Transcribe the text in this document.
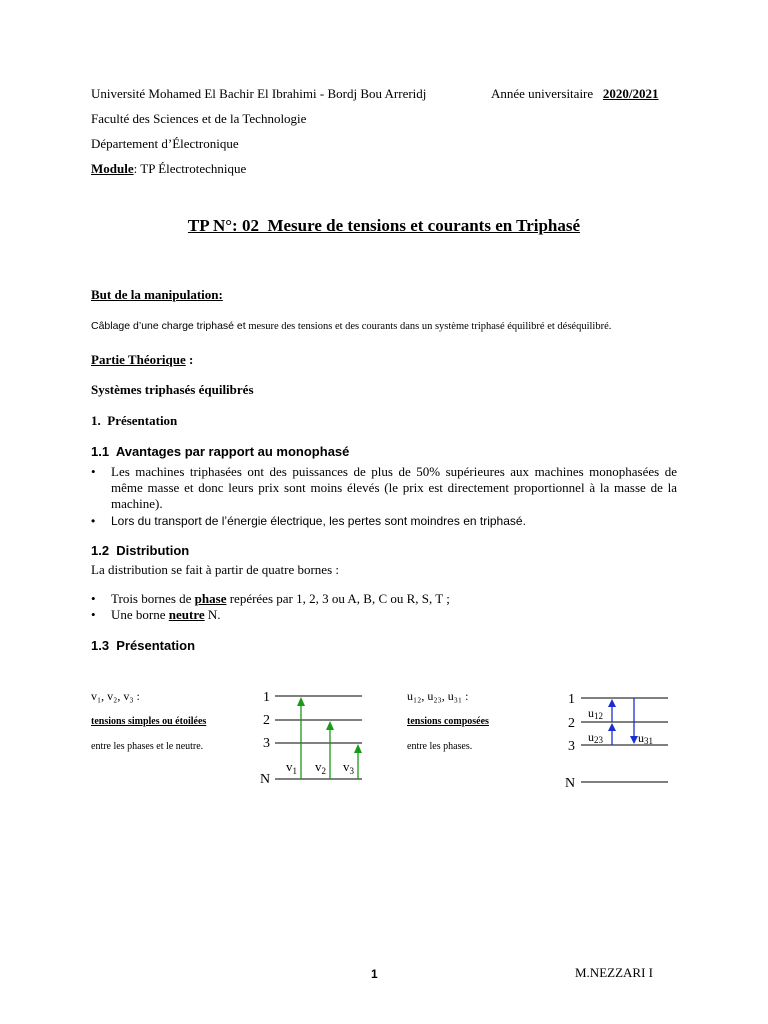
Université Mohamed El Bachir El Ibrahimi - Bordj Bou Arreridj	Année universitaire 2020/2021
Faculté des Sciences et de la Technologie
Département d’Électronique
Module: TP Électrotechnique
TP N°: 02  Mesure de tensions et courants en Triphasé
But de la manipulation:
Câblage d’une charge triphasé et mesure des tensions et des courants dans un système triphasé équilibré et déséquilibré.
Partie Théorique :
Systèmes triphasés équilibrés
1.  Présentation
1.1  Avantages par rapport au monophasé
• Les machines triphasées ont des puissances de plus de 50% supérieures aux machines monophasées de même masse et donc leurs prix sont moins élevés (le prix est directement proportionnel à la masse de la machine).
• Lors du transport de l’énergie électrique, les pertes sont moindres en triphasé.
1.2  Distribution
La distribution se fait à partir de quatre bornes :
• Trois bornes de phase repérées par 1, 2, 3 ou A, B, C ou R, S, T ;
• Une borne neutre N.
1.3  Présentation
v₁, v₂, v₃ :
tensions simples ou étoilées
entre les phases et le neutre.
1
2
3
N
$v_1$ $v_2$ $v_3$
u₁₂, u₂₃, u₃₁ :
tensions composées
entre les phases.
1
2
3
N
u12
u23	u31
1	M.NEZZARI I
